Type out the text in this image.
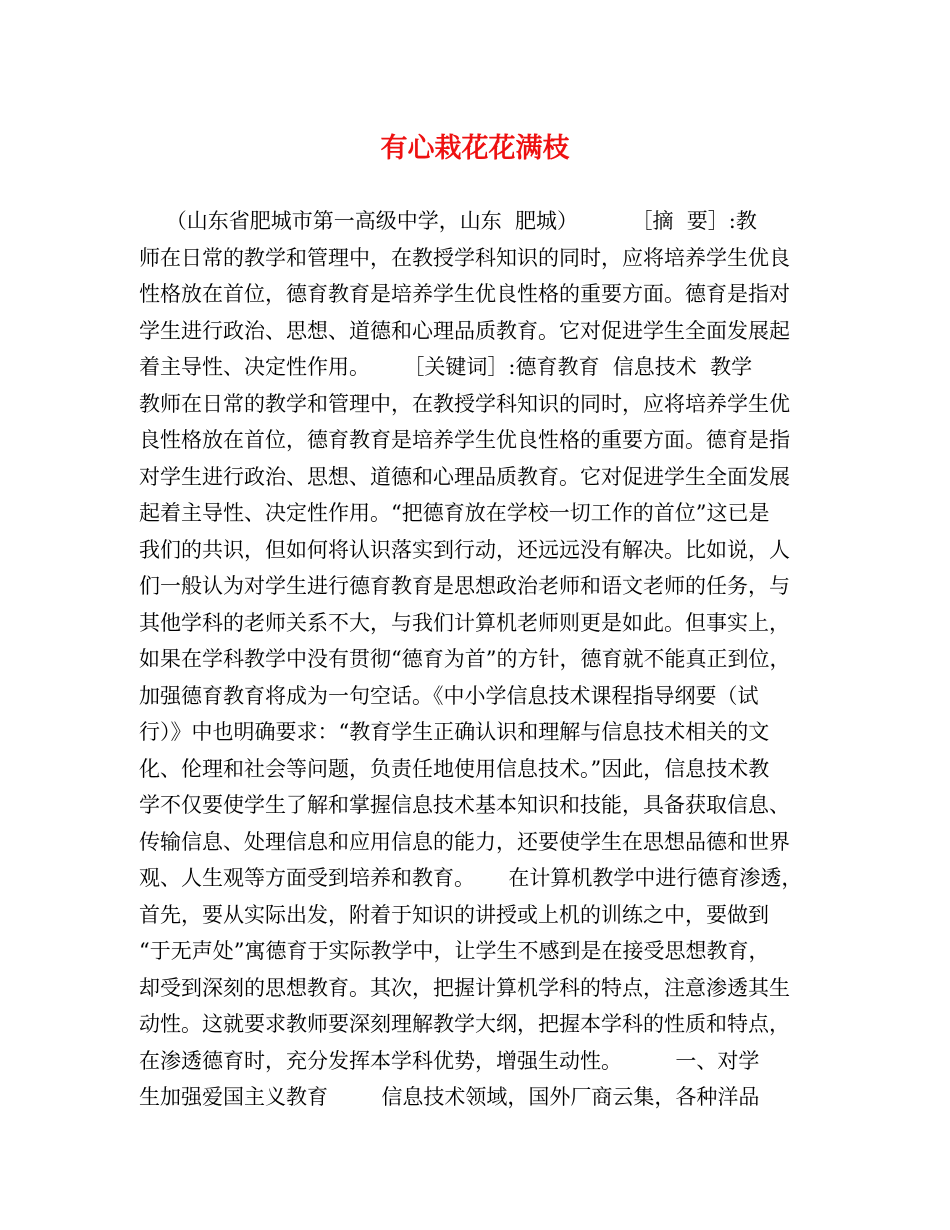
有心栽花花满枝
（山东省肥城市第一高级中学，山东  肥城）        ［摘  要］:教
师在日常的教学和管理中，在教授学科知识的同时，应将培养学生优良
性格放在首位，德育教育是培养学生优良性格的重要方面。德育是指对
学生进行政治、思想、道德和心理品质教育。它对促进学生全面发展起
着主导性、决定性作用。     ［关键词］:德育教育  信息技术  教学
教师在日常的教学和管理中，在教授学科知识的同时，应将培养学生优
良性格放在首位，德育教育是培养学生优良性格的重要方面。德育是指
对学生进行政治、思想、道德和心理品质教育。它对促进学生全面发展
起着主导性、决定性作用。“把德育放在学校一切工作的首位”这已是
我们的共识，但如何将认识落实到行动，还远远没有解决。比如说，人
们一般认为对学生进行德育教育是思想政治老师和语文老师的任务，与
其他学科的老师关系不大，与我们计算机老师则更是如此。但事实上，
如果在学科教学中没有贯彻“德育为首”的方针，德育就不能真正到位，
加强德育教育将成为一句空话。《中小学信息技术课程指导纲要（试
行）》中也明确要求：“教育学生正确认识和理解与信息技术相关的文
化、伦理和社会等问题，负责任地使用信息技术。”因此，信息技术教
学不仅要使学生了解和掌握信息技术基本知识和技能，具备获取信息、
传输信息、处理信息和应用信息的能力，还要使学生在思想品德和世界
观、人生观等方面受到培养和教育。     在计算机教学中进行德育渗透，
首先，要从实际出发，附着于知识的讲授或上机的训练之中，要做到
“于无声处”寓德育于实际教学中，让学生不感到是在接受思想教育，
却受到深刻的思想教育。其次，把握计算机学科的特点，注意渗透其生
动性。这就要求教师要深刻理解教学大纲，把握本学科的性质和特点，
在渗透德育时，充分发挥本学科优势，增强生动性。        一、对学
生加强爱国主义教育        信息技术领域，国外厂商云集，各种洋品
